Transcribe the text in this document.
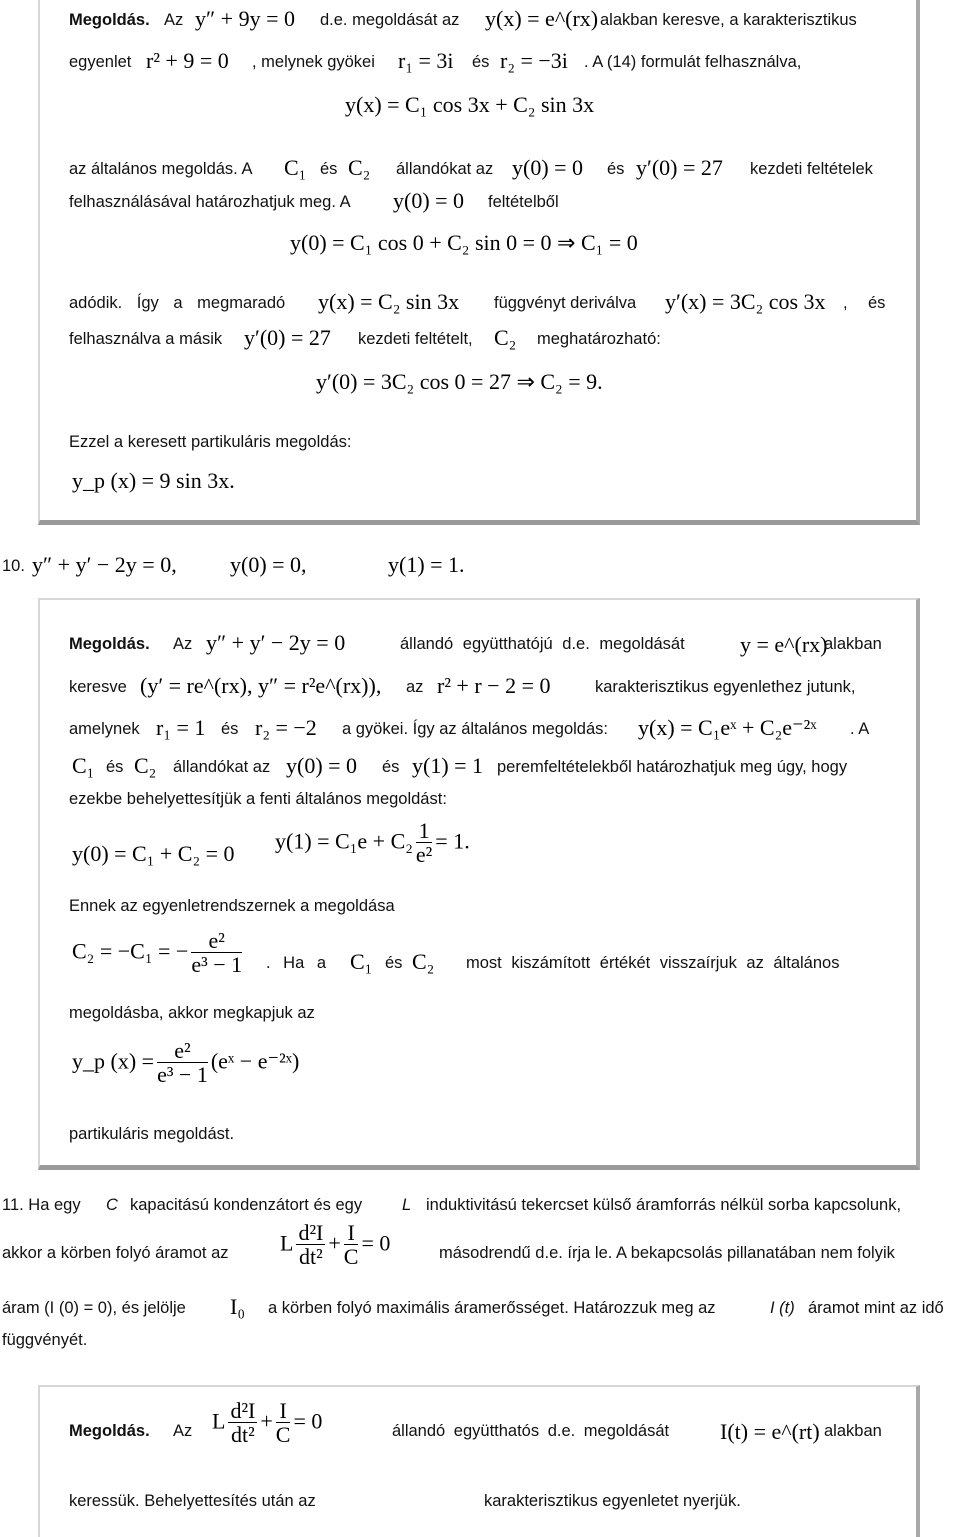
Megoldás. Az y″ + 9y = 0 d.e. megoldását az y(x) = e^(rx) alakban keresve, a karakterisztikus
egyenlet r² + 9 = 0 , melynek gyökei r₁ = 3i és r₂ = −3i . A (14) formulát felhasználva,
y(x) = C₁ cos 3x + C₂ sin 3x
az általános megoldás. A C₁ és C₂ állandókat az y(0) = 0 és y′(0) = 27 kezdeti feltételek
felhasználásával határozhatjuk meg. A y(0) = 0 feltételből
y(0) = C₁ cos 0 + C₂ sin 0 = 0 ⇒ C₁ = 0
adódik. Így a megmaradó y(x) = C₂ sin 3x függvényt deriválva y′(x) = 3C₂ cos 3x , és
felhasználva a másik y′(0) = 27 kezdeti feltételt, C₂ meghatározható:
y′(0) = 3C₂ cos 0 = 27 ⇒ C₂ = 9.
Ezzel a keresett partikuláris megoldás:
y_p (x) = 9 sin 3x.
10. y″ + y′ − 2y = 0, y(0) = 0,	y(1) = 1.
Megoldás. Az y″ + y′ − 2y = 0	állandó együtthatójú d.e. megoldását	y = e^(rx)
alakban
keresve (y′ = re^(rx), y″ = r²e^(rx)), az r² + r − 2 = 0	karakterisztikus egyenlethez jutunk,
amelynek r₁ = 1 és r₂ = −2 a gyökei. Így az általános megoldás: y(x) = C₁eˣ + C₂e⁻²ˣ . A
C₁ és C₂ állandókat az y(0) = 0 és y(1) = 1 peremfeltételekből határozhatjuk meg úgy, hogy
ezekbe behelyettesítjük a fenti általános megoldást:
y(0) = C₁ + C₂ = 0 $y(1) = C_1e + C_2 \frac{1}{\text{e²}} = 1$.
Ennek az egyenletrendszernek a megoldása
C₂ = −C₁ = − $\frac{\text{e²}}{\text{e³ − 1}}$ . Ha a C₁ és C₂ most kiszámított értékét visszaírjuk az általános
megoldásba, akkor megkapjuk az
y_p $(x) = \frac{\text{e²}}{\text{e³ − 1}}$ (eˣ − e⁻²ˣ)
partikuláris megoldást.
11. Ha egy C kapacitású kondenzátort és egy L induktivitású tekercset külső áramforrás nélkül sorba kapcsolunk,
akkor a körben folyó áramot az L $\frac{\text{d²I}}{\text{dt²}} + \frac{I}{C} = 0$	másodrendű d.e. írja le. A bekapcsolás pillanatában nem folyik
áram (I (0) = 0), és jelölje I₀ a körben folyó maximális áramerősséget. Határozzuk meg az	I (t) áramot mint az idő
függvényét.
Megoldás. Az L $\frac{\text{d²I}}{\text{dt²}} + \frac{I}{C} = 0$	állandó együtthatós d.e. megoldását I(t) = e^(rt) alakban
keressük. Behelyettesítés után az	karakterisztikus egyenletet nyerjük.
